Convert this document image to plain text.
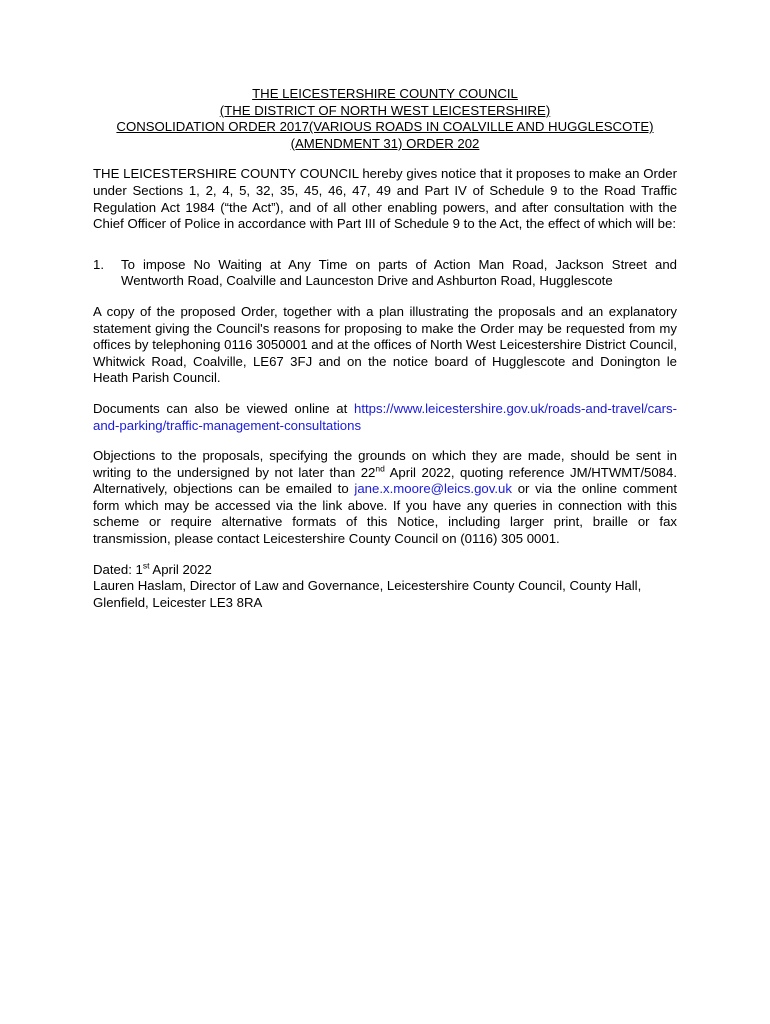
THE LEICESTERSHIRE COUNTY COUNCIL
(THE DISTRICT OF NORTH WEST LEICESTERSHIRE)
CONSOLIDATION ORDER 2017(VARIOUS ROADS IN COALVILLE AND HUGGLESCOTE)
(AMENDMENT 31) ORDER 202

THE LEICESTERSHIRE COUNTY COUNCIL hereby gives notice that it proposes to make an Order under Sections 1, 2, 4, 5, 32, 35, 45, 46, 47, 49 and Part IV of Schedule 9 to the Road Traffic Regulation Act 1984 (“the Act”), and of all other enabling powers, and after consultation with the Chief Officer of Police in accordance with Part III of Schedule 9 to the Act, the effect of which will be:

1. To impose No Waiting at Any Time on parts of Action Man Road, Jackson Street and Wentworth Road, Coalville and Launceston Drive and Ashburton Road, Hugglescote

A copy of the proposed Order, together with a plan illustrating the proposals and an explanatory statement giving the Council's reasons for proposing to make the Order may be requested from my offices by telephoning 0116 3050001 and at the offices of North West Leicestershire District Council, Whitwick Road, Coalville, LE67 3FJ and on the notice board of Hugglescote and Donington le Heath Parish Council.

Documents can also be viewed online at https://www.leicestershire.gov.uk/roads-and-travel/cars-and-parking/traffic-management-consultations

Objections to the proposals, specifying the grounds on which they are made, should be sent in writing to the undersigned by not later than 22nd April 2022, quoting reference JM/HTWMT/5084. Alternatively, objections can be emailed to jane.x.moore@leics.gov.uk or via the online comment form which may be accessed via the link above. If you have any queries in connection with this scheme or require alternative formats of this Notice, including larger print, braille or fax transmission, please contact Leicestershire County Council on (0116) 305 0001.

Dated: 1st April 2022

Lauren Haslam, Director of Law and Governance, Leicestershire County Council, County Hall, Glenfield, Leicester LE3 8RA
